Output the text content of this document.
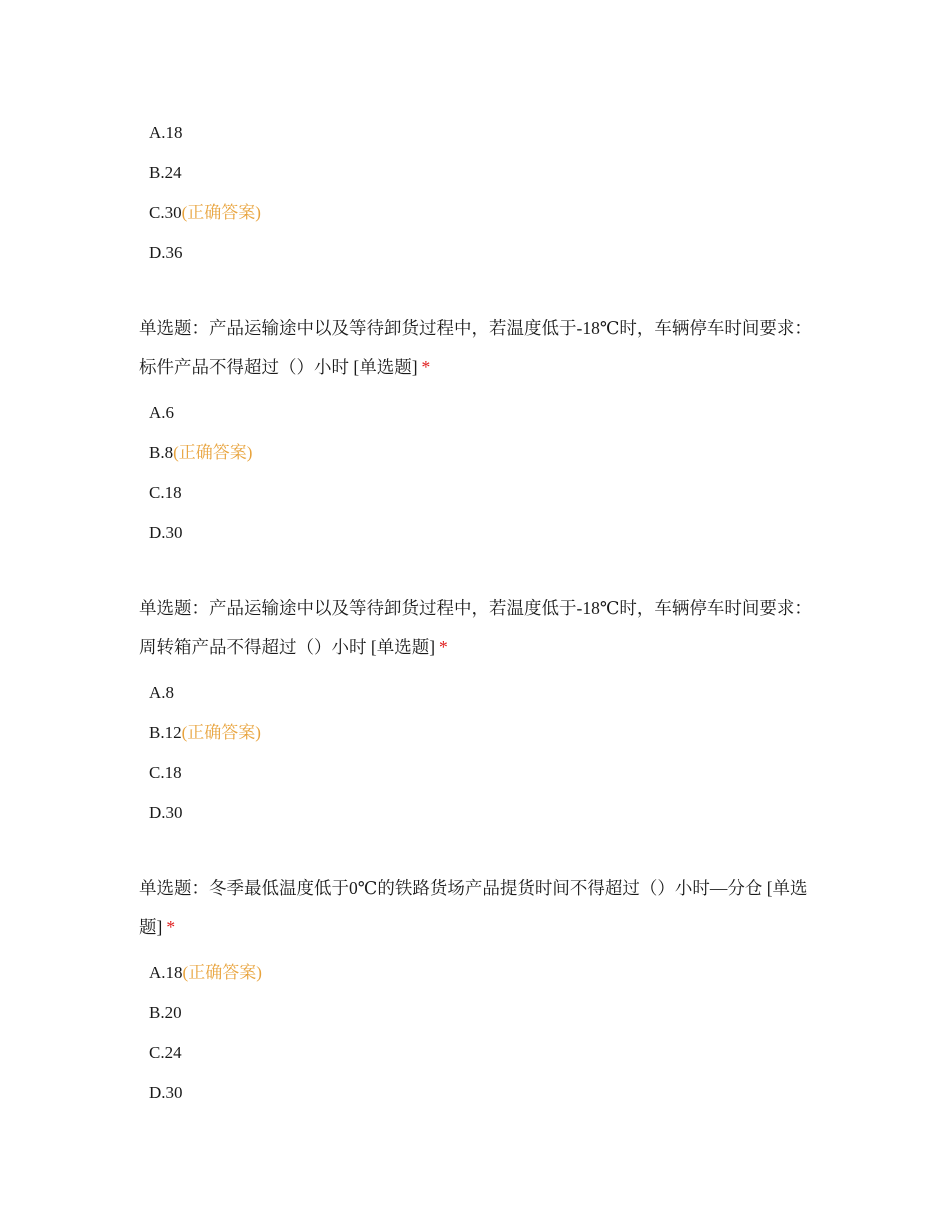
A.18
B.24
C.30(正确答案)
D.36

单选题：产品运输途中以及等待卸货过程中，若温度低于-18℃时，车辆停车时间要求：标件产品不得超过（）小时 [单选题] *

A.6
B.8(正确答案)
C.18
D.30

单选题：产品运输途中以及等待卸货过程中，若温度低于-18℃时，车辆停车时间要求：周转箱产品不得超过（）小时 [单选题] *

A.8
B.12(正确答案)
C.18
D.30

单选题：冬季最低温度低于0℃的铁路货场产品提货时间不得超过（）小时—分仓 [单选题] *

A.18(正确答案)
B.20
C.24
D.30
